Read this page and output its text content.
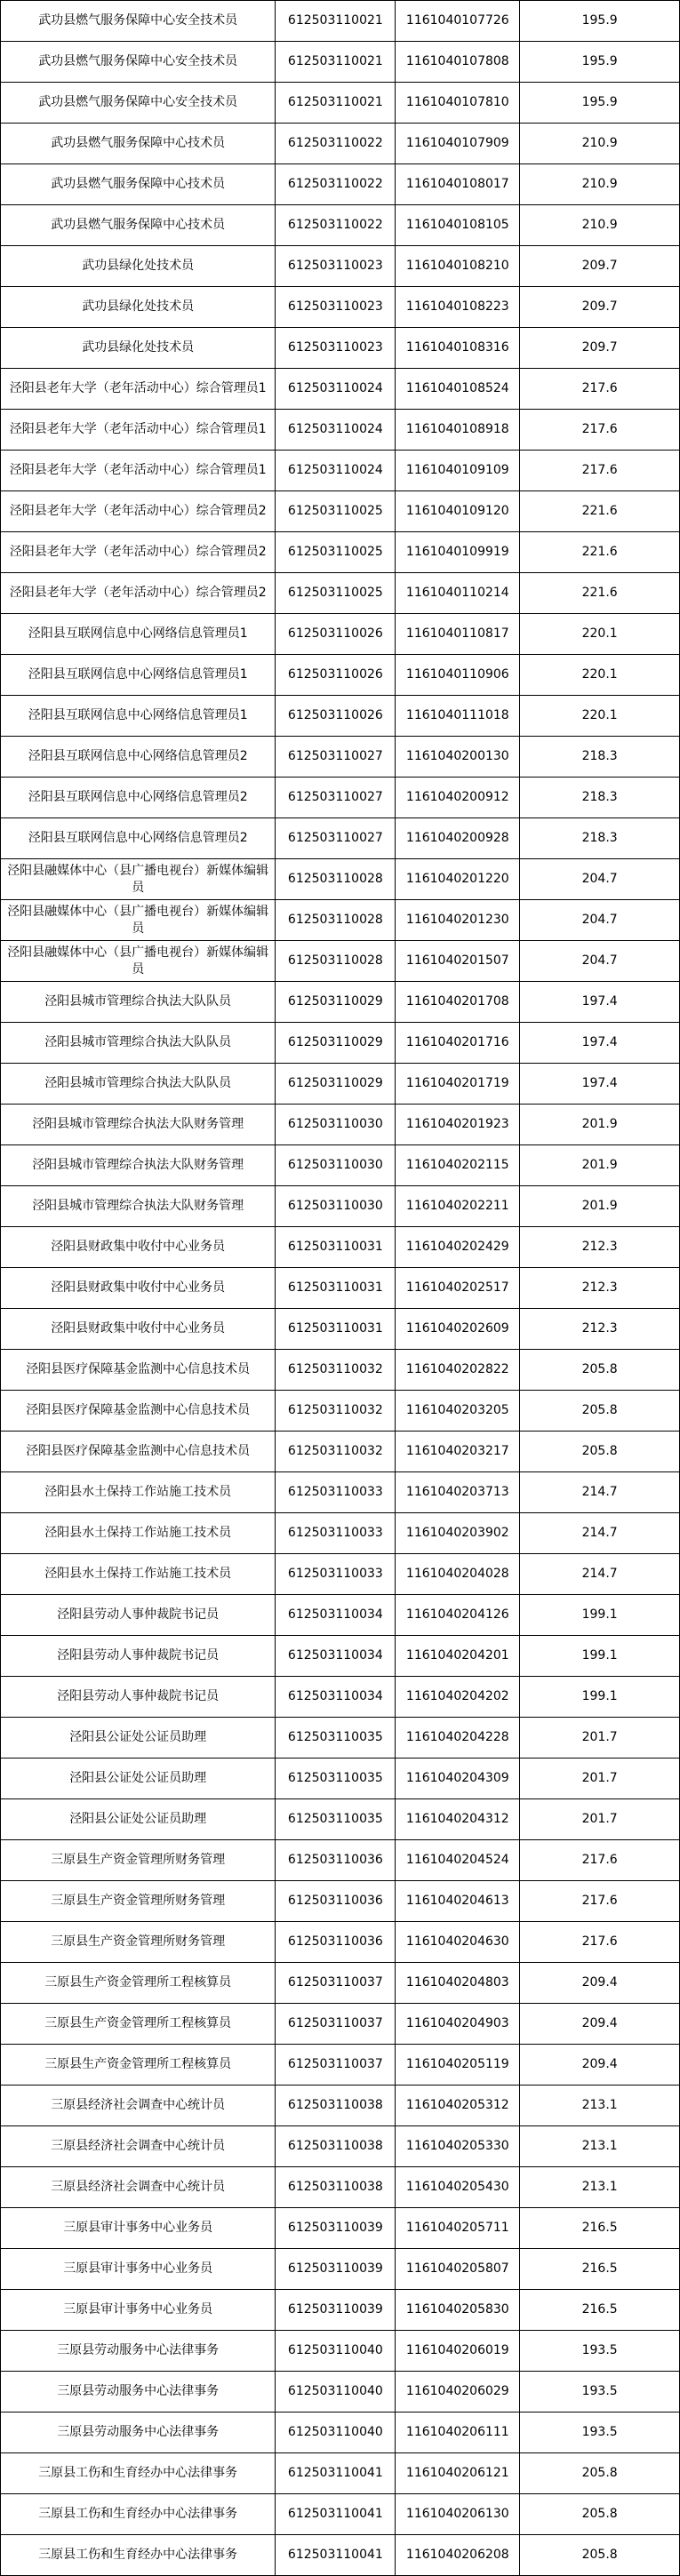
武功县燃气服务保障中心安全技术员	612503110021	1161040107726	195.9
武功县燃气服务保障中心安全技术员	612503110021	1161040107808	195.9
武功县燃气服务保障中心安全技术员	612503110021	1161040107810	195.9
武功县燃气服务保障中心技术员	612503110022	1161040107909	210.9
武功县燃气服务保障中心技术员	612503110022	1161040108017	210.9
武功县燃气服务保障中心技术员	612503110022	1161040108105	210.9
武功县绿化处技术员	612503110023	1161040108210	209.7
武功县绿化处技术员	612503110023	1161040108223	209.7
武功县绿化处技术员	612503110023	1161040108316	209.7
泾阳县老年大学（老年活动中心）综合管理员1	612503110024	1161040108524	217.6
泾阳县老年大学（老年活动中心）综合管理员1	612503110024	1161040108918	217.6
泾阳县老年大学（老年活动中心）综合管理员1	612503110024	1161040109109	217.6
泾阳县老年大学（老年活动中心）综合管理员2	612503110025	1161040109120	221.6
泾阳县老年大学（老年活动中心）综合管理员2	612503110025	1161040109919	221.6
泾阳县老年大学（老年活动中心）综合管理员2	612503110025	1161040110214	221.6
泾阳县互联网信息中心网络信息管理员1	612503110026	1161040110817	220.1
泾阳县互联网信息中心网络信息管理员1	612503110026	1161040110906	220.1
泾阳县互联网信息中心网络信息管理员1	612503110026	1161040111018	220.1
泾阳县互联网信息中心网络信息管理员2	612503110027	1161040200130	218.3
泾阳县互联网信息中心网络信息管理员2	612503110027	1161040200912	218.3
泾阳县互联网信息中心网络信息管理员2	612503110027	1161040200928	218.3
泾阳县融媒体中心（县广播电视台）新媒体编辑员	612503110028	1161040201220	204.7
泾阳县融媒体中心（县广播电视台）新媒体编辑员	612503110028	1161040201230	204.7
泾阳县融媒体中心（县广播电视台）新媒体编辑员	612503110028	1161040201507	204.7
泾阳县城市管理综合执法大队队员	612503110029	1161040201708	197.4
泾阳县城市管理综合执法大队队员	612503110029	1161040201716	197.4
泾阳县城市管理综合执法大队队员	612503110029	1161040201719	197.4
泾阳县城市管理综合执法大队财务管理	612503110030	1161040201923	201.9
泾阳县城市管理综合执法大队财务管理	612503110030	1161040202115	201.9
泾阳县城市管理综合执法大队财务管理	612503110030	1161040202211	201.9
泾阳县财政集中收付中心业务员	612503110031	1161040202429	212.3
泾阳县财政集中收付中心业务员	612503110031	1161040202517	212.3
泾阳县财政集中收付中心业务员	612503110031	1161040202609	212.3
泾阳县医疗保障基金监测中心信息技术员	612503110032	1161040202822	205.8
泾阳县医疗保障基金监测中心信息技术员	612503110032	1161040203205	205.8
泾阳县医疗保障基金监测中心信息技术员	612503110032	1161040203217	205.8
泾阳县水土保持工作站施工技术员	612503110033	1161040203713	214.7
泾阳县水土保持工作站施工技术员	612503110033	1161040203902	214.7
泾阳县水土保持工作站施工技术员	612503110033	1161040204028	214.7
泾阳县劳动人事仲裁院书记员	612503110034	1161040204126	199.1
泾阳县劳动人事仲裁院书记员	612503110034	1161040204201	199.1
泾阳县劳动人事仲裁院书记员	612503110034	1161040204202	199.1
泾阳县公证处公证员助理	612503110035	1161040204228	201.7
泾阳县公证处公证员助理	612503110035	1161040204309	201.7
泾阳县公证处公证员助理	612503110035	1161040204312	201.7
三原县生产资金管理所财务管理	612503110036	1161040204524	217.6
三原县生产资金管理所财务管理	612503110036	1161040204613	217.6
三原县生产资金管理所财务管理	612503110036	1161040204630	217.6
三原县生产资金管理所工程核算员	612503110037	1161040204803	209.4
三原县生产资金管理所工程核算员	612503110037	1161040204903	209.4
三原县生产资金管理所工程核算员	612503110037	1161040205119	209.4
三原县经济社会调查中心统计员	612503110038	1161040205312	213.1
三原县经济社会调查中心统计员	612503110038	1161040205330	213.1
三原县经济社会调查中心统计员	612503110038	1161040205430	213.1
三原县审计事务中心业务员	612503110039	1161040205711	216.5
三原县审计事务中心业务员	612503110039	1161040205807	216.5
三原县审计事务中心业务员	612503110039	1161040205830	216.5
三原县劳动服务中心法律事务	612503110040	1161040206019	193.5
三原县劳动服务中心法律事务	612503110040	1161040206029	193.5
三原县劳动服务中心法律事务	612503110040	1161040206111	193.5
三原县工伤和生育经办中心法律事务	612503110041	1161040206121	205.8
三原县工伤和生育经办中心法律事务	612503110041	1161040206130	205.8
三原县工伤和生育经办中心法律事务	612503110041	1161040206208	205.8
